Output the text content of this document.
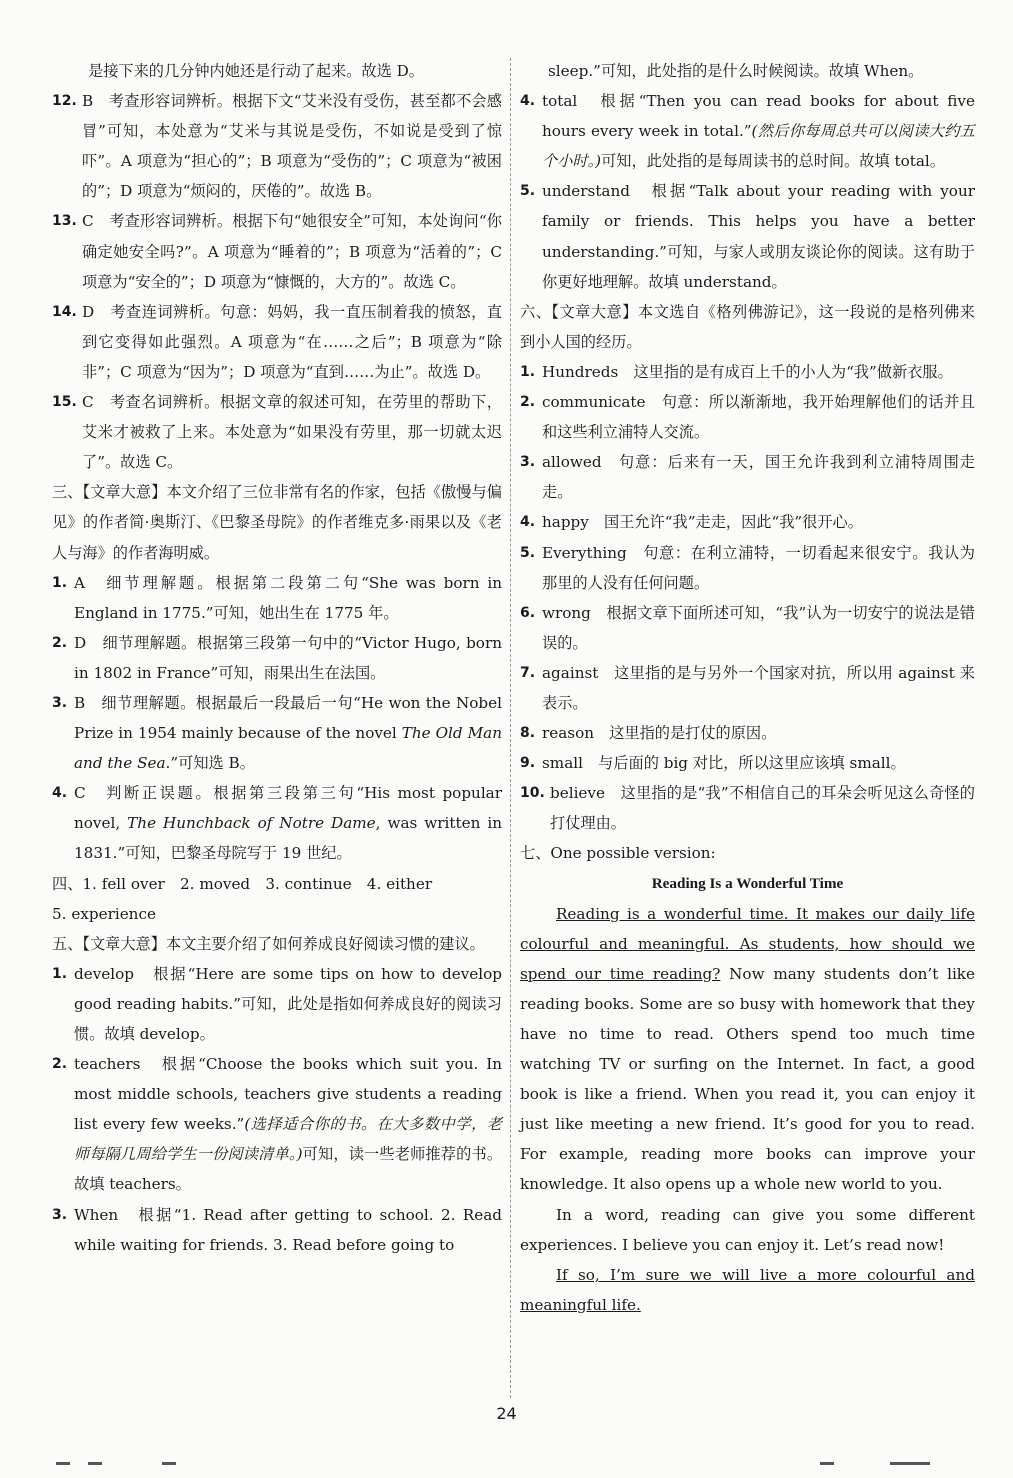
是接下来的几分钟内她还是行动了起来。故选 D。

12. B　考查形容词辨析。根据下文“艾米没有受伤，甚至都不会感冒”可知，本处意为“艾米与其说是受伤，不如说是受到了惊吓”。A 项意为“担心的”；B 项意为“受伤的”；C 项意为“被困的”；D 项意为“烦闷的，厌倦的”。故选 B。
13. C　考查形容词辨析。根据下句“她很安全”可知，本处询问“你确定她安全吗?”。A 项意为“睡着的”；B 项意为“活着的”；C 项意为“安全的”；D 项意为“慷慨的，大方的”。故选 C。
14. D　考查连词辨析。句意：妈妈，我一直压制着我的愤怒，直到它变得如此强烈。A 项意为“在……之后”；B 项意为“除非”；C 项意为“因为”；D 项意为“直到……为止”。故选 D。
15. C　考查名词辨析。根据文章的叙述可知，在劳里的帮助下，艾米才被救了上来。本处意为“如果没有劳里，那一切就太迟了”。故选 C。

三、【文章大意】本文介绍了三位非常有名的作家，包括《傲慢与偏见》的作者简·奥斯汀、《巴黎圣母院》的作者维克多·雨果以及《老人与海》的作者海明威。

1. A　细节理解题。根据第二段第二句“She was born in England in 1775.”可知，她出生在 1775 年。
2. D　细节理解题。根据第三段第一句中的“Victor Hugo, born in 1802 in France”可知，雨果出生在法国。
3. B　细节理解题。根据最后一段最后一句“He won the Nobel Prize in 1954 mainly because of the novel The Old Man and the Sea.”可知选 B。
4. C　判断正误题。根据第三段第三句“His most popular novel, The Hunchback of Notre Dame, was written in 1831.”可知，巴黎圣母院写于 19 世纪。

四、1. fell over　2. moved　3. continue　4. either

5. experience

五、【文章大意】本文主要介绍了如何养成良好阅读习惯的建议。

1. develop　根据“Here are some tips on how to develop good reading habits.”可知，此处是指如何养成良好的阅读习惯。故填 develop。
2. teachers　根据“Choose the books which suit you. In most middle schools, teachers give students a reading list every few weeks.”(选择适合你的书。在大多数中学，老师每隔几周给学生一份阅读清单。)可知，读一些老师推荐的书。故填 teachers。
3. When　根据“1. Read after getting to school. 2. Read while waiting for friends. 3. Read before going to

sleep.”可知，此处指的是什么时候阅读。故填 When。

4. total　根据“Then you can read books for about five hours every week in total.”(然后你每周总共可以阅读大约五个小时。)可知，此处指的是每周读书的总时间。故填 total。
5. understand　根据“Talk about your reading with your family or friends. This helps you have a better understanding.”可知，与家人或朋友谈论你的阅读。这有助于你更好地理解。故填 understand。

六、【文章大意】本文选自《格列佛游记》，这一段说的是格列佛来到小人国的经历。

1. Hundreds　这里指的是有成百上千的小人为“我”做新衣服。
2. communicate　句意：所以渐渐地，我开始理解他们的话并且和这些利立浦特人交流。
3. allowed　句意：后来有一天，国王允许我到利立浦特周围走走。
4. happy　国王允许“我”走走，因此“我”很开心。
5. Everything　句意：在利立浦特，一切看起来很安宁。我认为那里的人没有任何问题。
6. wrong　根据文章下面所述可知，“我”认为一切安宁的说法是错误的。
7. against　这里指的是与另外一个国家对抗，所以用 against 来表示。
8. reason　这里指的是打仗的原因。
9. small　与后面的 big 对比，所以这里应该填 small。
10. believe　这里指的是“我”不相信自己的耳朵会听见这么奇怪的打仗理由。

七、One possible version:

Reading Is a Wonderful Time

Reading is a wonderful time. It makes our daily life colourful and meaningful. As students, how should we spend our time reading? Now many students don’t like reading books. Some are so busy with homework that they have no time to read. Others spend too much time watching TV or surfing on the Internet. In fact, a good book is like a friend. When you read it, you can enjoy it just like meeting a new friend. It’s good for you to read. For example, reading more books can improve your knowledge. It also opens up a whole new world to you.

In a word, reading can give you some different experiences. I believe you can enjoy it. Let’s read now!

If so, I’m sure we will live a more colourful and meaningful life.

24
